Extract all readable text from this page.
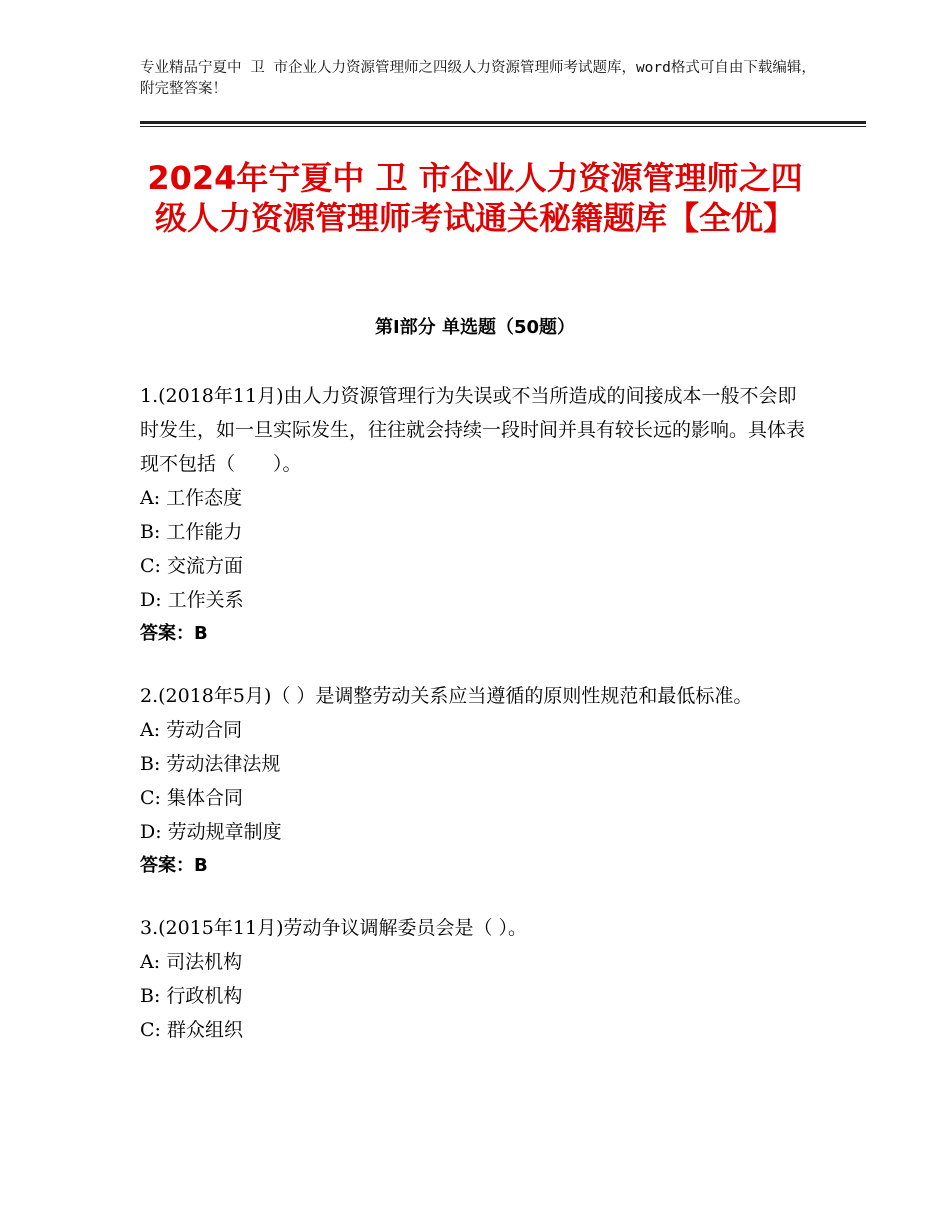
专业精品宁夏中 卫 市企业人力资源管理师之四级人力资源管理师考试题库，word格式可自由下载编辑，附完整答案！
2024年宁夏中 卫 市企业人力资源管理师之四级人力资源管理师考试通关秘籍题库【全优】
第Ⅰ部分 单选题（50题）

1.(2018年11月)由人力资源管理行为失误或不当所造成的间接成本一般不会即时发生，如一旦实际发生，往往就会持续一段时间并具有较长远的影响。具体表现不包括（　　）。

A: 工作态度

B: 工作能力

C: 交流方面

D: 工作关系

答案：B

2.(2018年5月)（ ）是调整劳动关系应当遵循的原则性规范和最低标准。

A: 劳动合同

B: 劳动法律法规

C: 集体合同

D: 劳动规章制度

答案：B

3.(2015年11月)劳动争议调解委员会是（ ）。

A: 司法机构

B: 行政机构

C: 群众组织
